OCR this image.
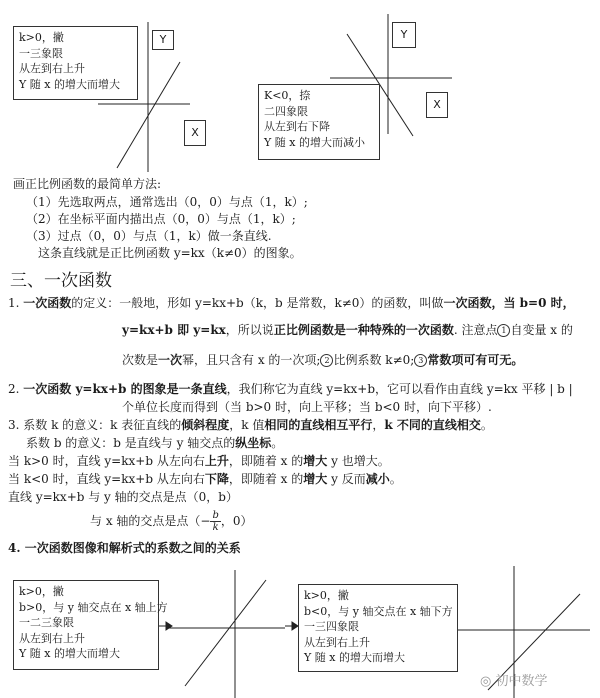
k>0，撇
一三象限
从左到右上升
Y 随 x 的增大而增大
Y
X
K<0，捺
二四象限
从左到右下降
Y 随 x 的增大而减小
Y
X
画正比例函数的最简单方法:
（1）先选取两点，通常选出（0，0）与点（1，k）;
（2）在坐标平面内描出点（0，0）与点（1，k）;
（3）过点（0，0）与点（1，k）做一条直线.
这条直线就是正比例函数 y=kx（k≠0）的图象。
三、一次函数
1. 一次函数的定义：一般地，形如 y=kx+b（k，b 是常数，k≠0）的函数，叫做一次函数，当 b=0 时，
y=kx+b 即 y=kx，所以说正比例函数是一种特殊的一次函数. 注意点 1 自变量 x 的
次数是一次幂，且只含有 x 的一次项; 2 比例系数 k≠0; 3 常数项可有可无。
2. 一次函数 y=kx+b 的图象是一条直线，我们称它为直线 y=kx+b，它可以看作由直线 y=kx 平移 | b |
个单位长度而得到（当 b>0 时，向上平移；当 b<0 时，向下平移）.
3. 系数 k 的意义：k 表征直线的倾斜程度，k 值相同的直线相互平行，k 不同的直线相交。
系数 b 的意义：b 是直线与 y 轴交点的纵坐标。
当 k>0 时，直线 y=kx+b 从左向右上升，即随着 x 的增大 y 也增大。
当 k<0 时，直线 y=kx+b 从左向右下降，即随着 x 的增大 y 反而减小。
直线 y=kx+b 与 y 轴的交点是点（0，b）
与 x 轴的交点是点（− $\frac{b}{k}$ ，0）
4. 一次函数图像和解析式的系数之间的关系
k>0，撇
b>0，与 y 轴交点在 x 轴上方
一二三象限
从左到右上升
Y 随 x 的增大而增大
k>0，撇
b<0，与 y 轴交点在 x 轴下方
一三四象限
从左到右上升
Y 随 x 的增大而增大
◎ 初中数学
